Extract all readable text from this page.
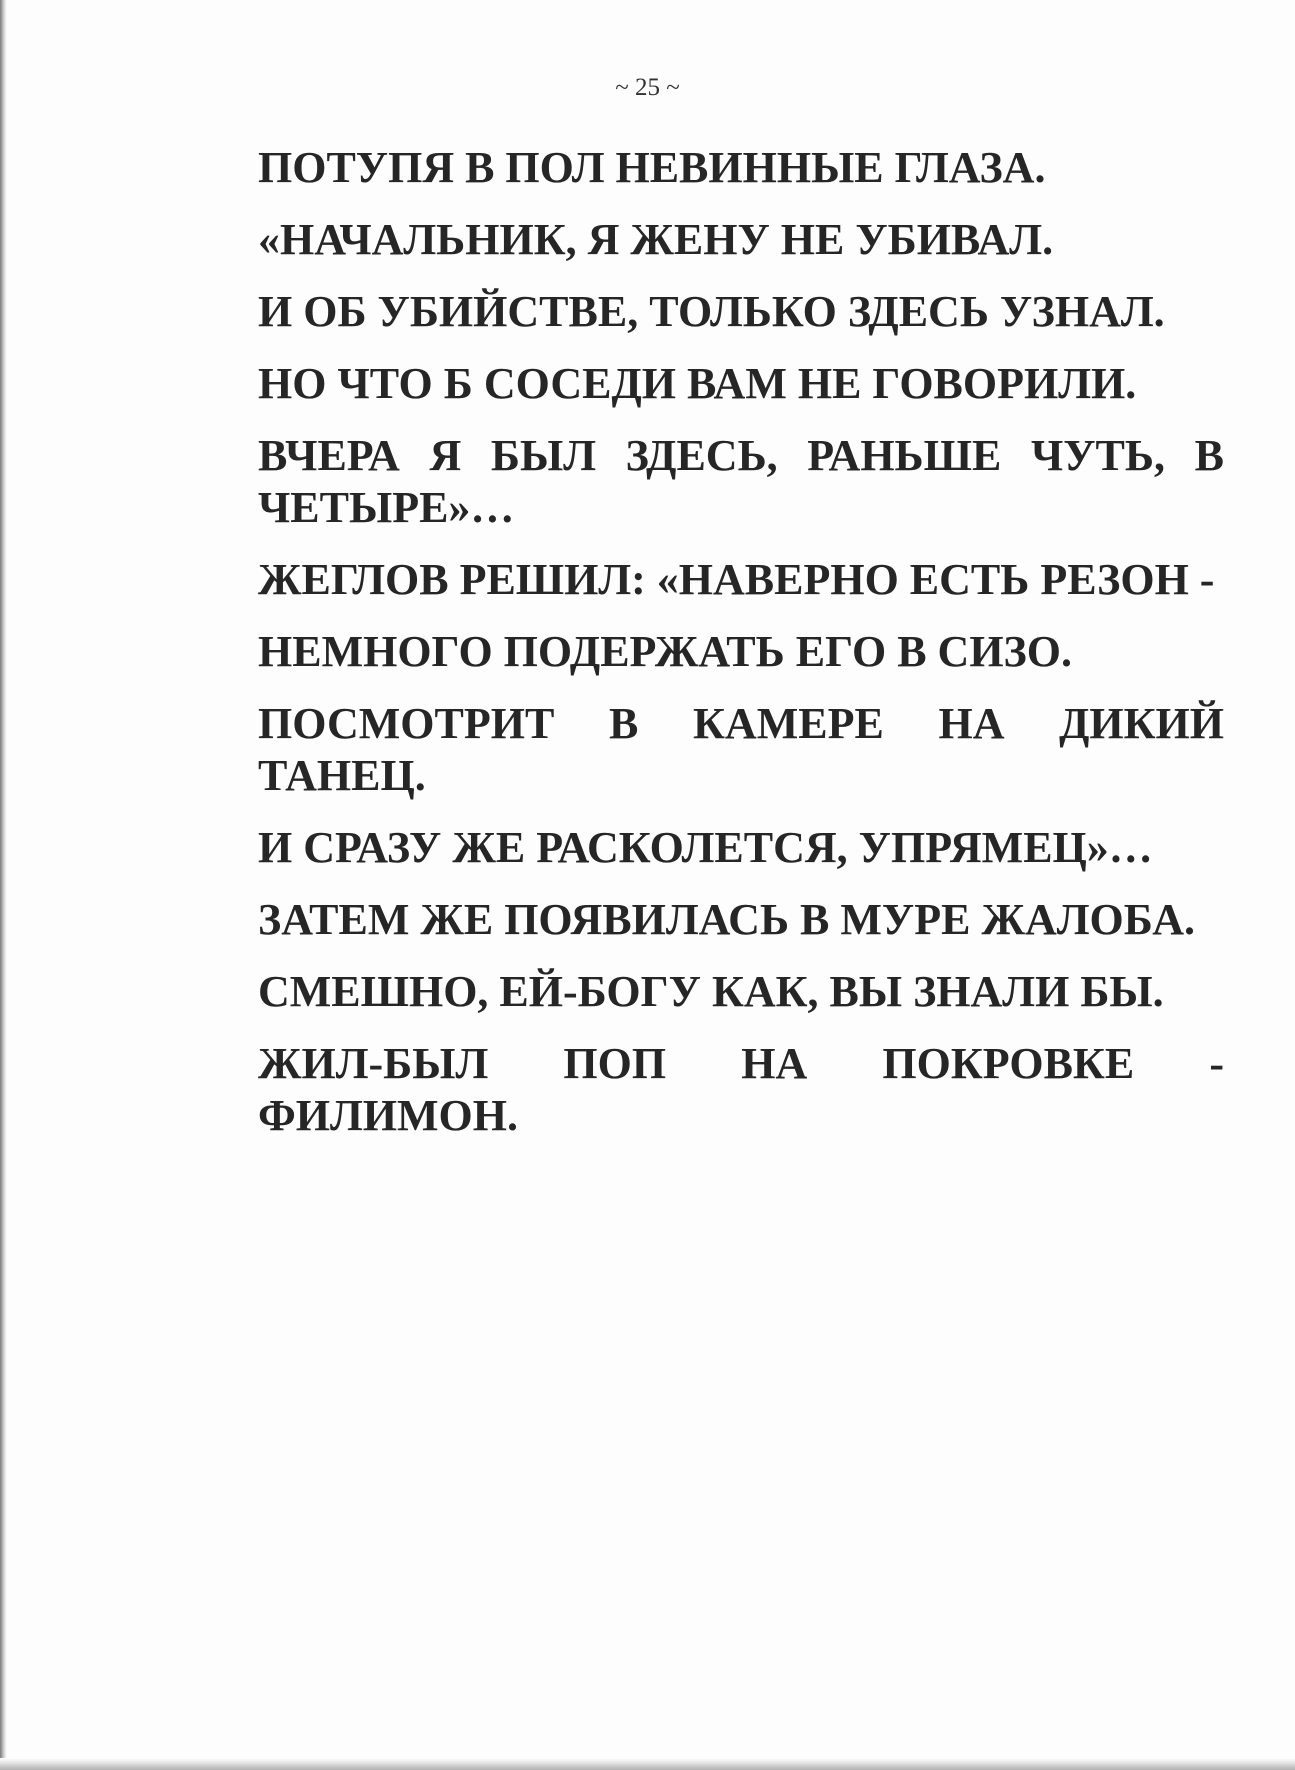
~ 25 ~

ПОТУПЯ В ПОЛ НЕВИННЫЕ ГЛАЗА.

«НАЧАЛЬНИК, Я ЖЕНУ НЕ УБИВАЛ.

И ОБ УБИЙСТВЕ, ТОЛЬКО ЗДЕСЬ УЗНАЛ.

НО ЧТО Б СОСЕДИ ВАМ НЕ ГОВОРИЛИ.

ВЧЕРА Я БЫЛ ЗДЕСЬ, РАНЬШЕ ЧУТЬ, В ЧЕТЫРЕ»…

ЖЕГЛОВ РЕШИЛ: «НАВЕРНО ЕСТЬ РЕЗОН -

НЕМНОГО ПОДЕРЖАТЬ ЕГО В СИЗО.

ПОСМОТРИТ В КАМЕРЕ НА ДИКИЙ ТАНЕЦ.

И СРАЗУ ЖЕ РАСКОЛЕТСЯ, УПРЯМЕЦ»…

ЗАТЕМ ЖЕ ПОЯВИЛАСЬ В МУРЕ ЖАЛОБА.

СМЕШНО, ЕЙ-БОГУ КАК, ВЫ ЗНАЛИ БЫ.

ЖИЛ-БЫЛ ПОП НА ПОКРОВКЕ - ФИЛИМОН.
